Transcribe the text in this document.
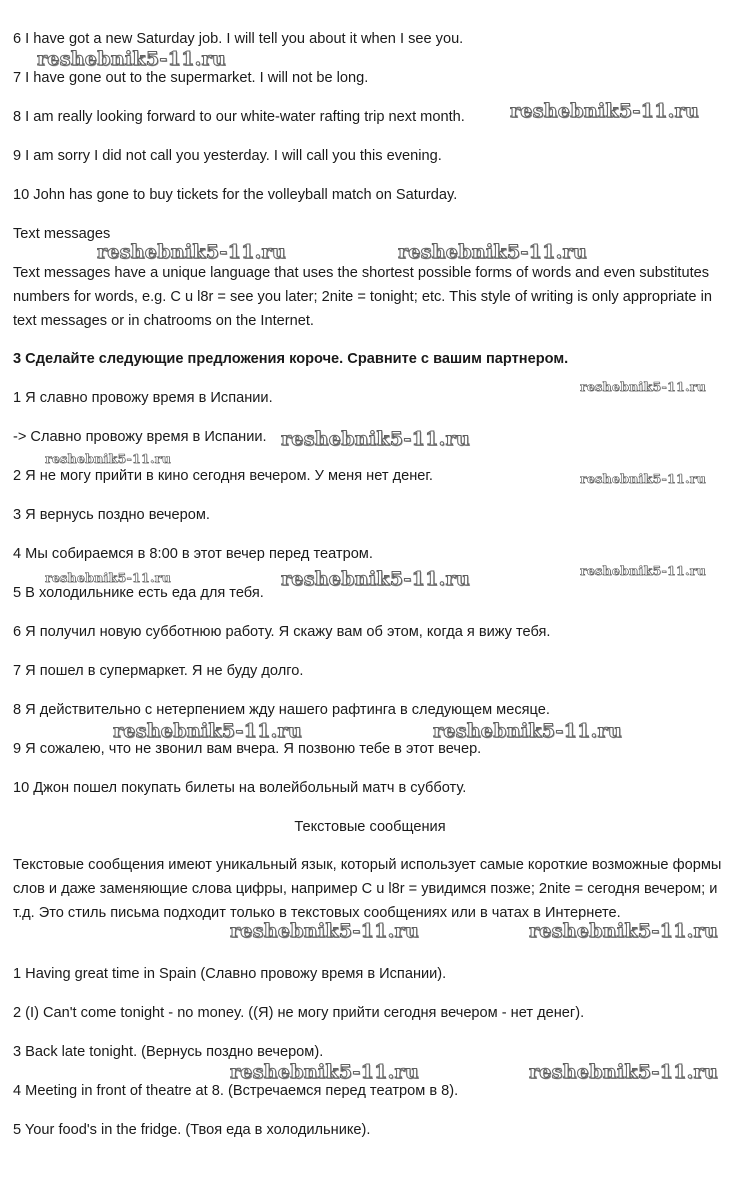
6 I have got a new Saturday job. I will tell you about it when I see you.
7 I have gone out to the supermarket. I will not be long.
8 I am really looking forward to our white-water rafting trip next month.
9 I am sorry I did not call you yesterday. I will call you this evening.
10 John has gone to buy tickets for the volleyball match on Saturday.
Text messages
Text messages have a unique language that uses the shortest possible forms of words and even substitutes numbers for words, e.g. C u l8r = see you later; 2nite = tonight; etc. This style of writing is only appropriate in text messages or in chatrooms on the Internet.
3 Сделайте следующие предложения короче. Сравните с вашим партнером.
1 Я славно провожу время в Испании.
-> Славно провожу время в Испании.
2 Я не могу прийти в кино сегодня вечером. У меня нет денег.
3 Я вернусь поздно вечером.
4 Мы собираемся в 8:00 в этот вечер перед театром.
5 В холодильнике есть еда для тебя.
6 Я получил новую субботнюю работу. Я скажу вам об этом, когда я вижу тебя.
7 Я пошел в супермаркет. Я не буду долго.
8 Я действительно с нетерпением жду нашего рафтинга в следующем месяце.
9 Я сожалею, что не звонил вам вчера. Я позвоню тебе в этот вечер.
10 Джон пошел покупать билеты на волейбольный матч в субботу.
Текстовые сообщения
Текстовые сообщения имеют уникальный язык, который использует самые короткие возможные формы слов и даже заменяющие слова цифры, например C u l8r = увидимся позже; 2nite = сегодня вечером; и т.д. Это стиль письма подходит только в текстовых сообщениях или в чатах в Интернете.
1 Having great time in Spain (Славно провожу время в Испании).
2 (I) Can't come tonight - no money. ((Я) не могу прийти сегодня вечером - нет денег).
3 Back late tonight. (Вернусь поздно вечером).
4 Meeting in front of theatre at 8. (Встречаемся перед театром в 8).
5 Your food's in the fridge. (Твоя еда в холодильнике).
reshebnik5-11.ru
reshebnik5-11.ru
reshebnik5-11.ru	reshebnik5-11.ru
reshebnik5-11.ru
reshebnik5-11.ru
reshebnik5-11.ru
reshebnik5-11.ru
reshebnik5-11.ru
reshebnik5-11.ru	reshebnik5-11.ru
reshebnik5-11.ru	reshebnik5-11.ru
reshebnik5-11.ru	reshebnik5-11.ru
reshebnik5-11.ru	reshebnik5-11.ru
